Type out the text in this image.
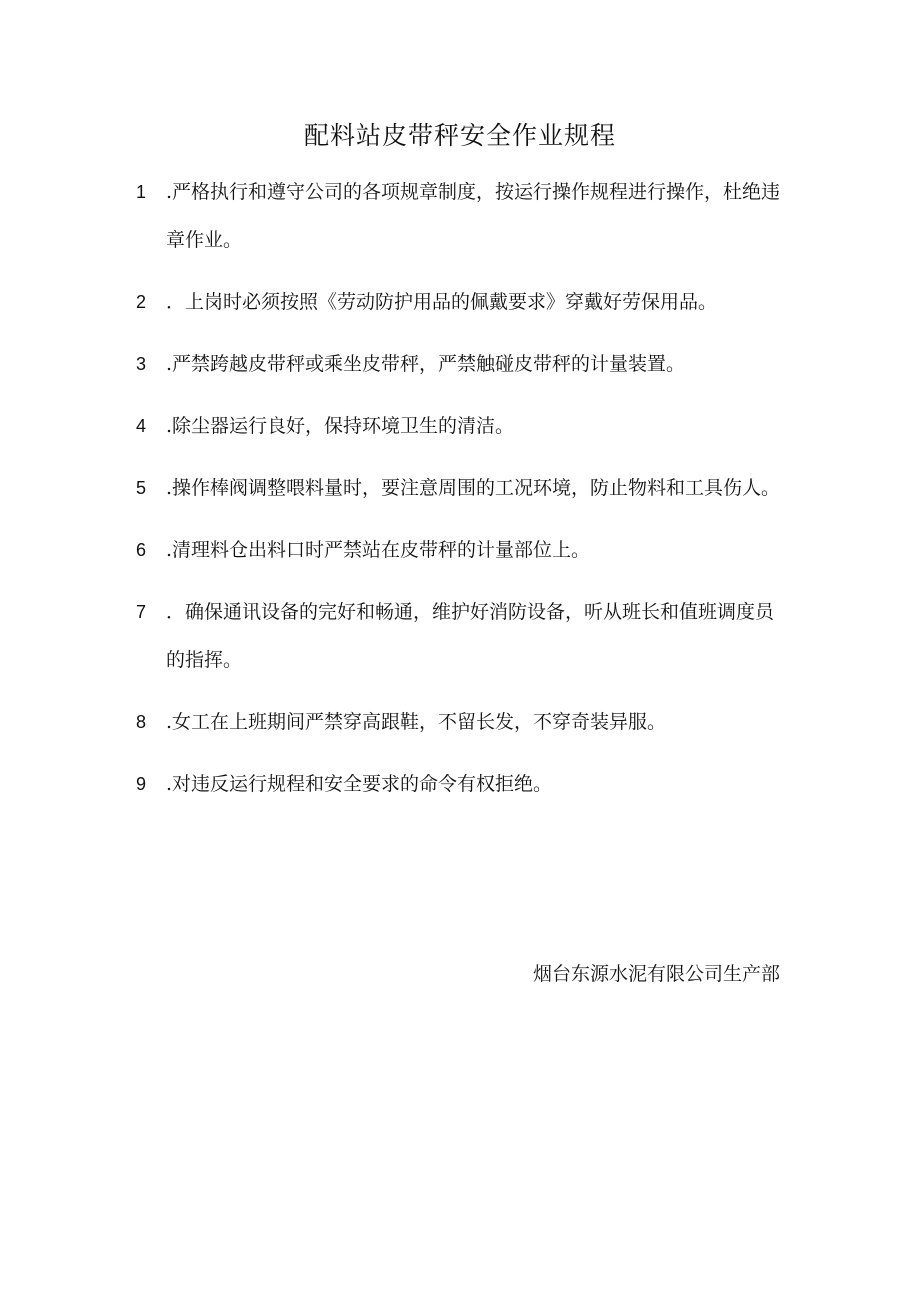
配料站皮带秤安全作业规程
1 .严格执行和遵守公司的各项规章制度，按运行操作规程进行操作，杜绝违章作业。
2 ．上岗时必须按照《劳动防护用品的佩戴要求》穿戴好劳保用品。
3 .严禁跨越皮带秤或乘坐皮带秤，严禁触碰皮带秤的计量装置。
4 .除尘器运行良好，保持环境卫生的清洁。
5 .操作棒阀调整喂料量时，要注意周围的工况环境，防止物料和工具伤人。
6 .清理料仓出料口时严禁站在皮带秤的计量部位上。
7 ．确保通讯设备的完好和畅通，维护好消防设备，听从班长和值班调度员的指挥。
8 .女工在上班期间严禁穿高跟鞋，不留长发，不穿奇装异服。
9 .对违反运行规程和安全要求的命令有权拒绝。
烟台东源水泥有限公司生产部
